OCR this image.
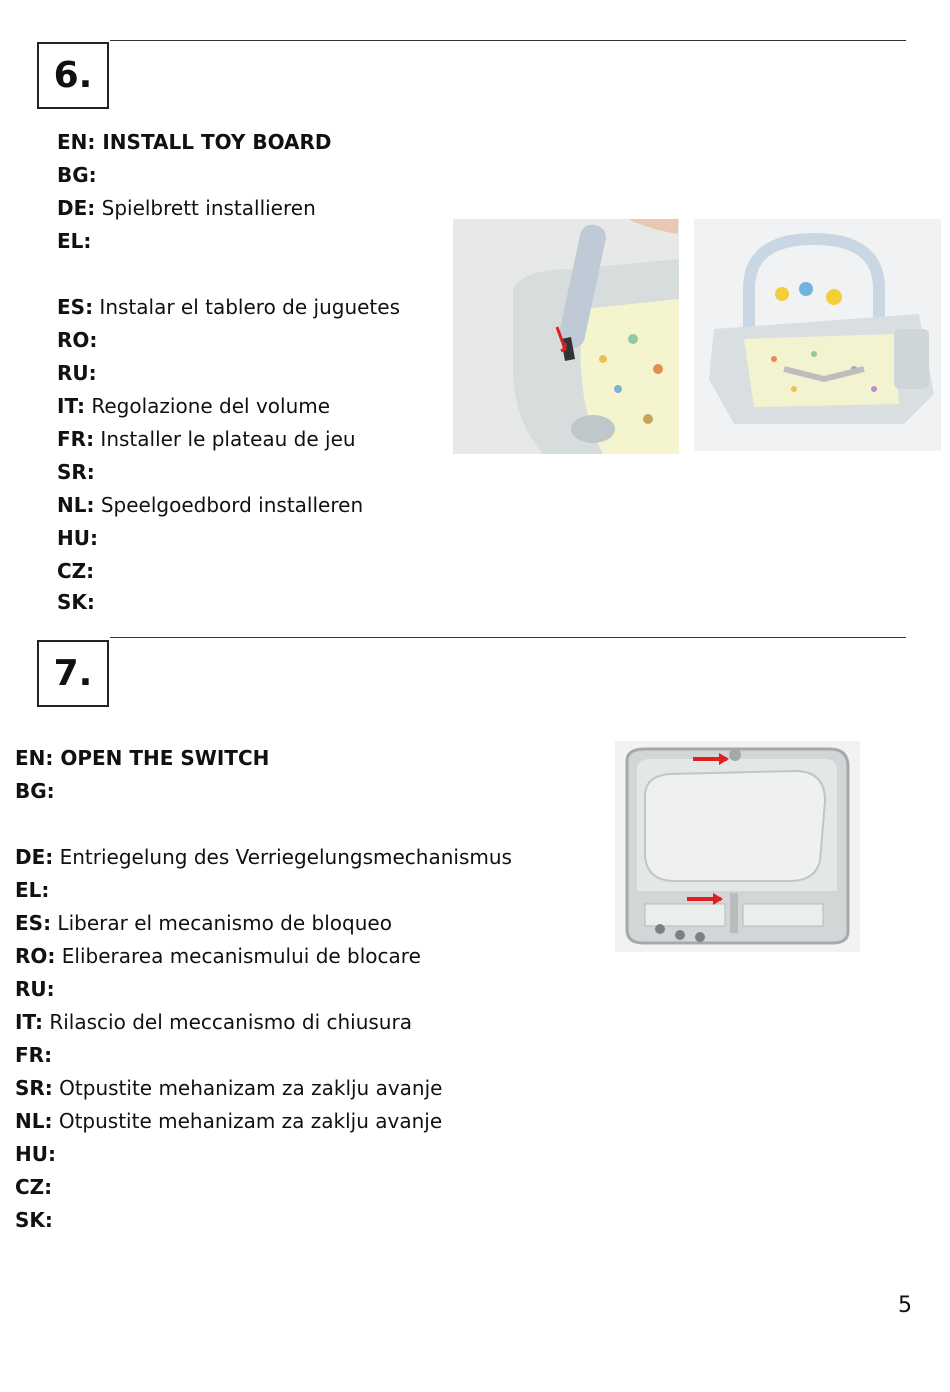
6.
EN: INSTALL TOY BOARD
BG:
DE: Spielbrett installieren
EL:
ES: Instalar el tablero de juguetes
RO:
RU:
IT: Regolazione del volume
FR: Installer le plateau de jeu
SR:
NL: Speelgoedbord installeren
HU:
CZ:
SK:
7.
EN: OPEN THE SWITCH
BG:
DE: Entriegelung des Verriegelungsmechanismus
EL:
ES: Liberar el mecanismo de bloqueo
RO: Eliberarea mecanismului de blocare
RU:
IT: Rilascio del meccanismo di chiusura
FR:
SR: Otpustite mehanizam za zaklju avanje
NL: Otpustite mehanizam za zaklju avanje
HU:
CZ:
SK:
5
